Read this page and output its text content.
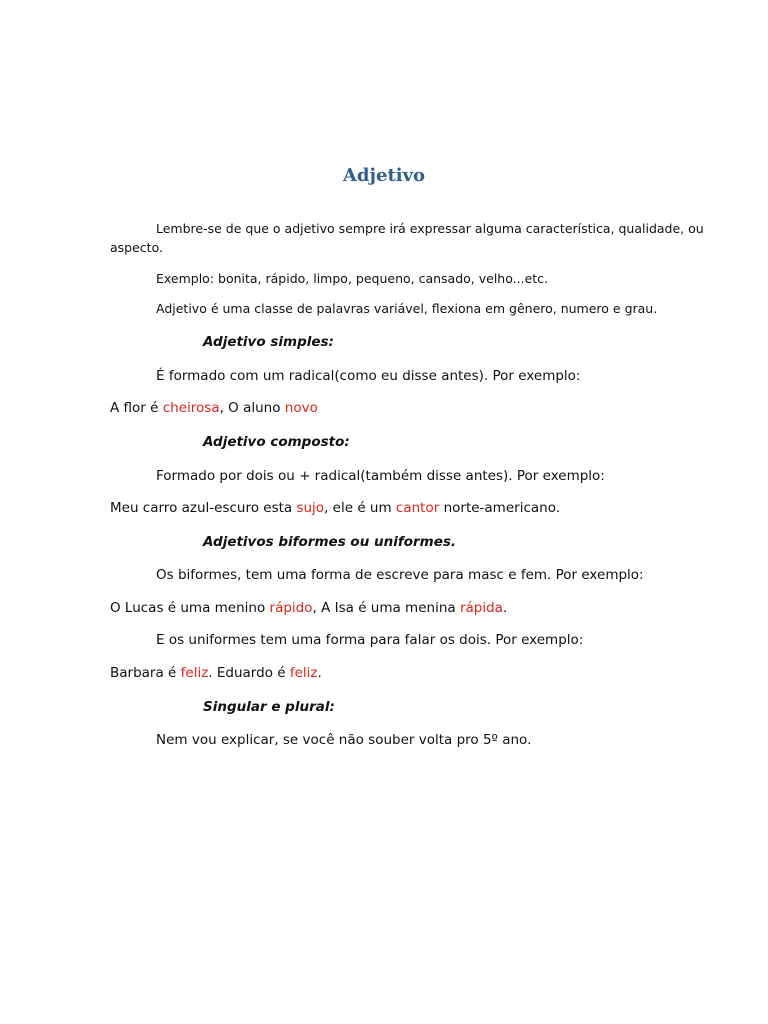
Adjetivo
Lembre-se de que o adjetivo sempre irá expressar alguma característica, qualidade, ou
aspecto.
Exemplo: bonita, rápido, limpo, pequeno, cansado, velho...etc.
Adjetivo é uma classe de palavras variável, flexiona em gênero, numero e grau.
Adjetivo simples:
É formado com um radical(como eu disse antes). Por exemplo:
A flor é cheirosa, O aluno novo
Adjetivo composto:
Formado por dois ou + radical(também disse antes). Por exemplo:
Meu carro azul-escuro esta sujo, ele é um cantor norte-americano.
Adjetivos biformes ou uniformes.
Os biformes, tem uma forma de escreve para masc e fem. Por exemplo:
O Lucas é uma menino rápido, A Isa é uma menina rápida.
E os uniformes tem uma forma para falar os dois. Por exemplo:
Barbara é feliz. Eduardo é feliz.
Singular e plural:
Nem vou explicar, se você não souber volta pro 5º ano.
